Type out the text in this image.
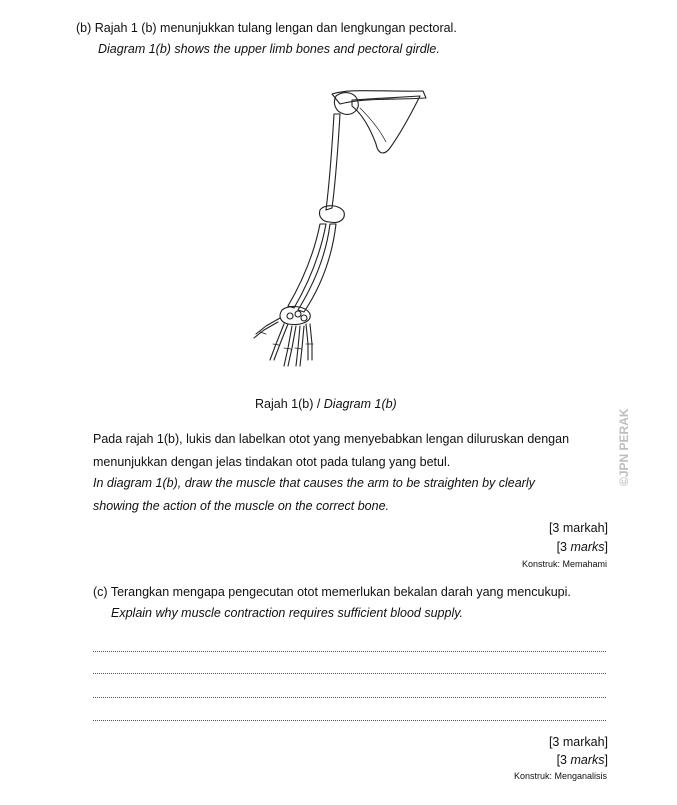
(b) Rajah 1 (b) menunjukkan tulang lengan dan lengkungan pectoral.
Diagram 1(b) shows the upper limb bones and pectoral girdle.
Rajah 1(b) / Diagram 1(b)
©JPN PERAK
Pada rajah 1(b), lukis dan labelkan otot yang menyebabkan lengan diluruskan dengan
menunjukkan dengan jelas tindakan otot pada tulang yang betul.
In diagram 1(b), draw the muscle that causes the arm to be straighten by clearly
showing the action of the muscle on the correct bone.
[3 markah]
[3 marks]
Konstruk: Memahami
(c) Terangkan mengapa pengecutan otot memerlukan bekalan darah yang mencukupi.
Explain why muscle contraction requires sufficient blood supply.
[3 markah]
[3 marks]
Konstruk: Menganalisis
